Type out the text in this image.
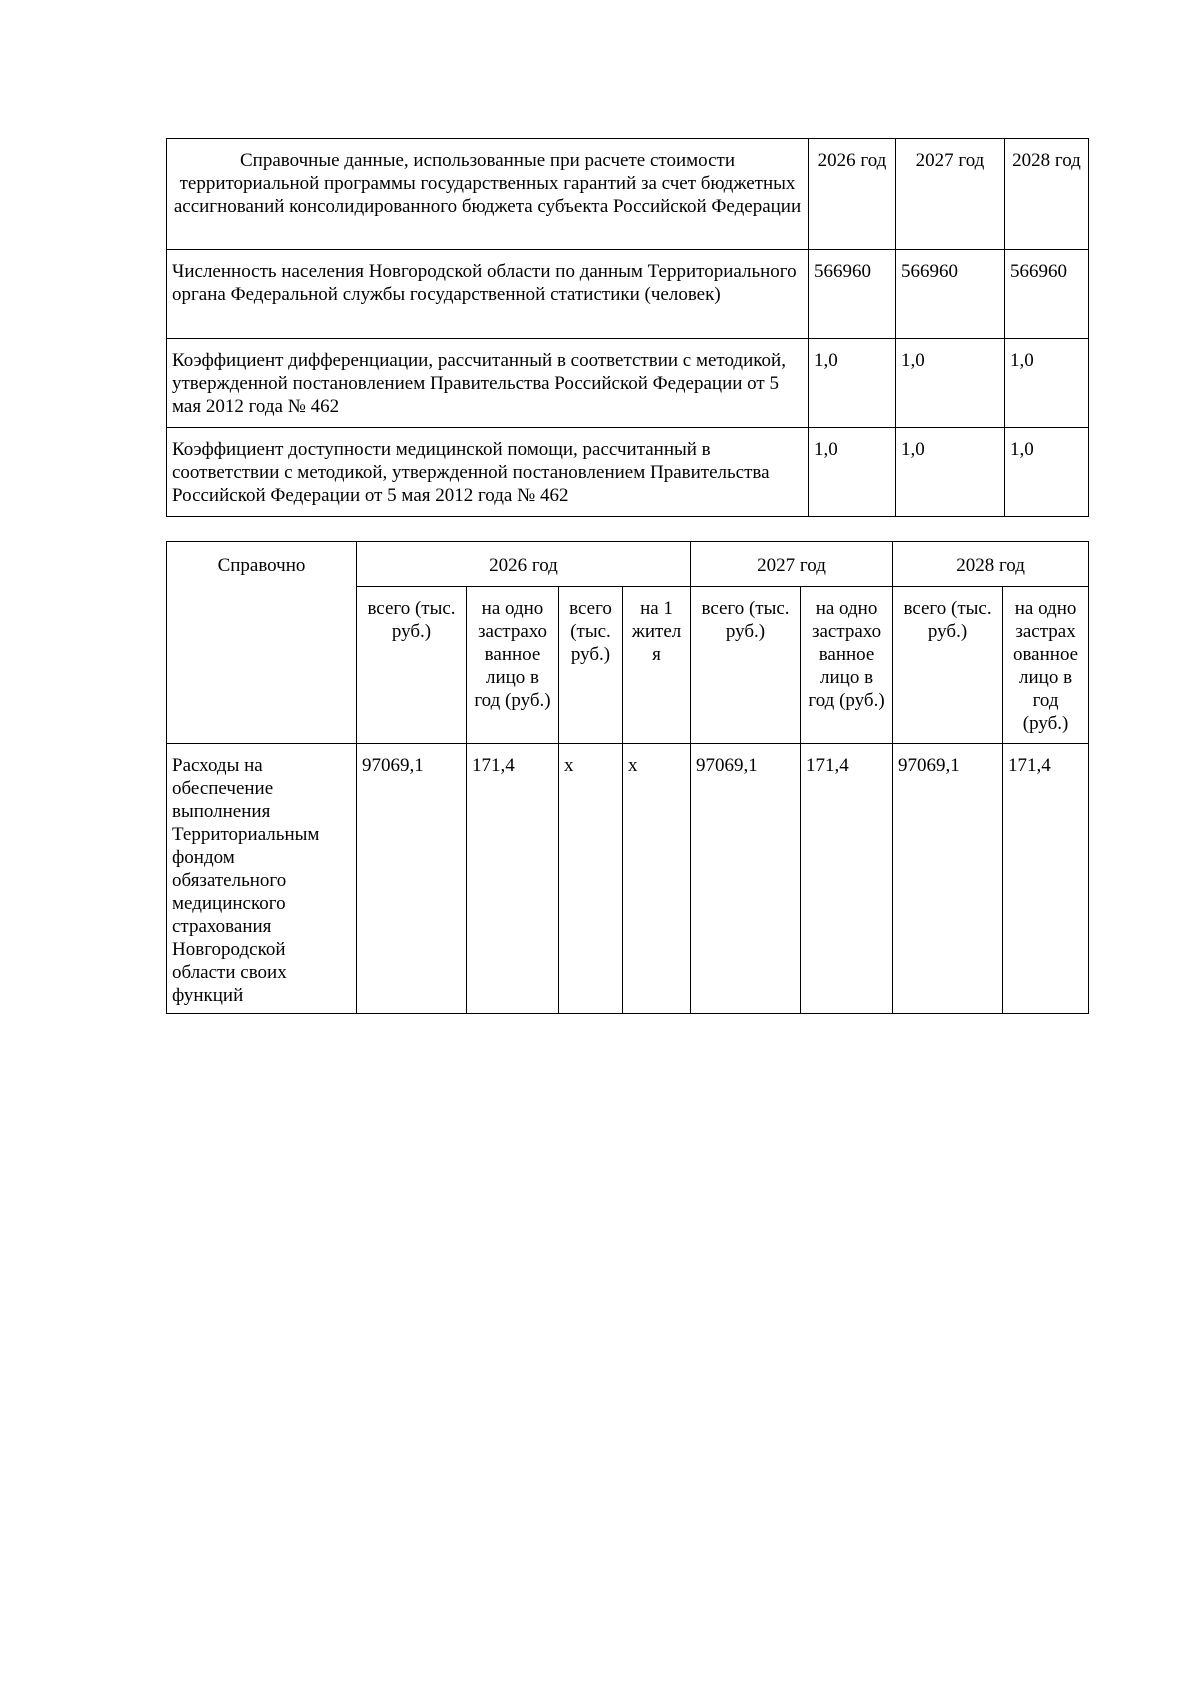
Справочные данные, использованные при расчете стоимости территориальной программы государственных гарантий за счет бюджетных ассигнований консолидированного бюджета субъекта Российской Федерации	2026 год	2027 год	2028 год
Численность населения Новгородской области по данным Территориального органа Федеральной службы государственной статистики (человек)	566960	566960	566960
Коэффициент дифференциации, рассчитанный в соответствии с методикой, утвержденной постановлением Правительства Российской Федерации от 5 мая 2012 года № 462	1,0	1,0	1,0
Коэффициент доступности медицинской помощи, рассчитанный в соответствии с методикой, утвержденной постановлением Правительства Российской Федерации от 5 мая 2012 года № 462	1,0	1,0	1,0
Справочно	2026 год				2027 год		2028 год	
	всего (тыс. руб.)	на одно застрахо ванное лицо в год (руб.)	всего (тыс. руб.)	на 1 жител я	всего (тыс. руб.)	на одно застрахо ванное лицо в год (руб.)	всего (тыс. руб.)	на одно застрах ованное лицо в год (руб.)
Расходы на обеспечение выполнения Территориальным фондом обязательного медицинского страхования Новгородской области своих функций	97069,1	171,4	х	х	97069,1	171,4	97069,1	171,4
